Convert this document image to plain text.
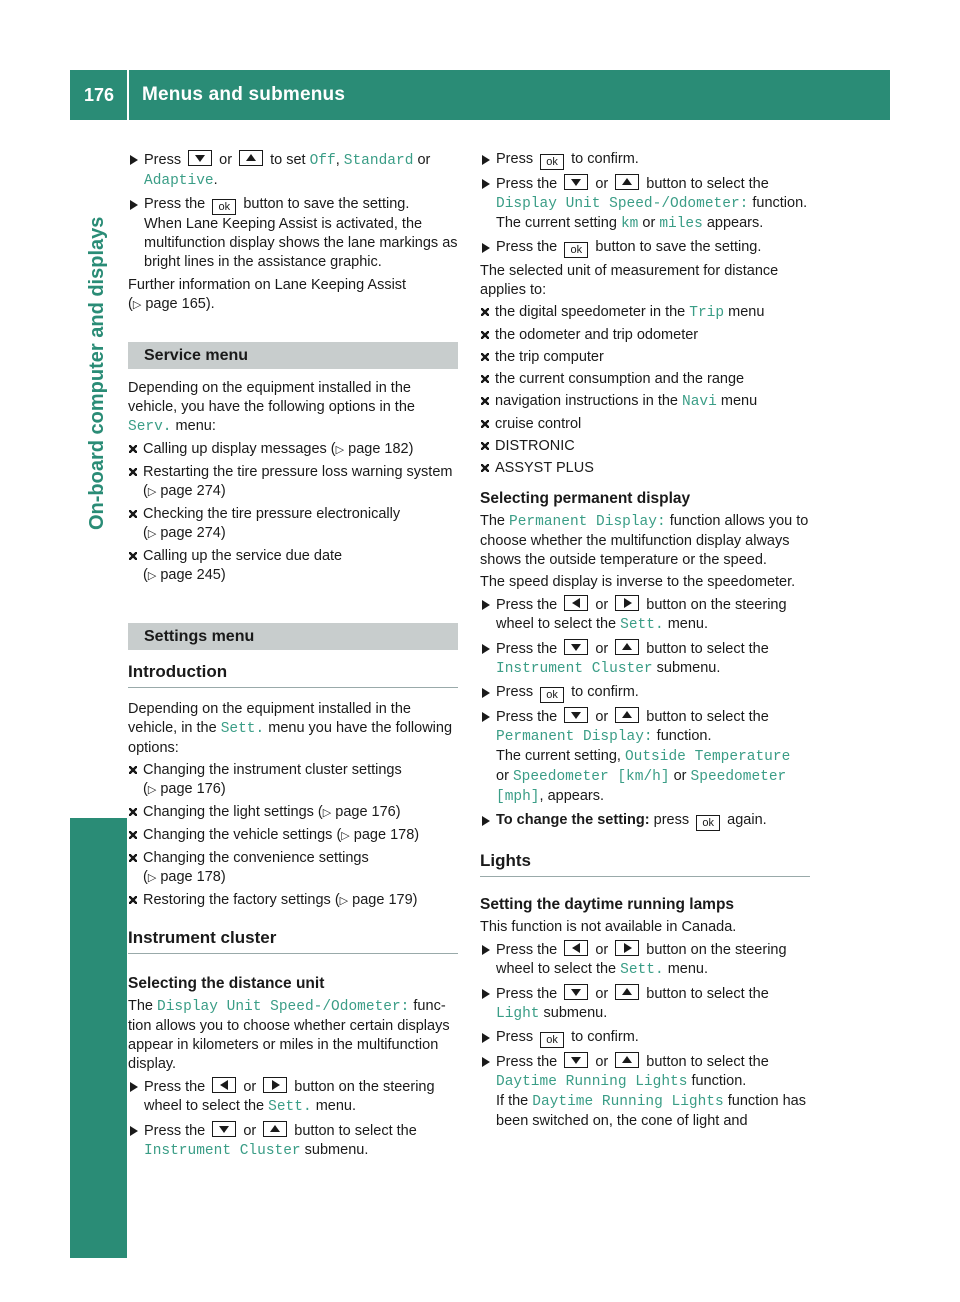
176 Menus and submenus
On-board computer and displays
Press	or	to set Off, Standard or Adaptive.
Press the ok button to save the setting.
When Lane Keeping Assist is activated, the multifunction display shows the lane markings as bright lines in the assistance graphic.

Further information on Lane Keeping Assist
(▷ page 165).

Service menu

Depending on the equipment installed in the vehicle, you have the following options in the
Serv. menu:

Calling up display messages (▷ page 182)
Restarting the tire pressure loss warning system (▷ page 274)
Checking the tire pressure electronically
(▷ page 274)
Calling up the service due date
(▷ page 245)

Settings menu

Introduction

Depending on the equipment installed in the vehicle, in the Sett. menu you have the following options:

Changing the instrument cluster settings
(▷ page 176)
Changing the light settings (▷ page 176)
Changing the vehicle settings (▷ page 178)
Changing the convenience settings
(▷ page 178)
Restoring the factory settings (▷ page 179)

Instrument cluster

Selecting the distance unit

The Display Unit Speed-/Odometer: function allows you to choose whether certain displays appear in kilometers or miles in the multifunction display.

Press the	or	button on the steering wheel to select the Sett. menu.
Press the	or	button to select the
Instrument Cluster submenu.
Press ok to confirm.
Press the	or	button to select the
Display Unit Speed-/Odometer: function.
The current setting km or miles appears.
Press the ok button to save the setting.

The selected unit of measurement for distance applies to:

the digital speedometer in the Trip menu
the odometer and trip odometer
the trip computer
the current consumption and the range
navigation instructions in the Navi menu
cruise control
DISTRONIC
ASSYST PLUS

Selecting permanent display

The Permanent Display: function allows you to choose whether the multifunction display always shows the outside temperature or the speed.

The speed display is inverse to the speedometer.

Press the	or	button on the steering wheel to select the Sett. menu.
Press the	or	button to select the
Instrument Cluster submenu.
Press ok to confirm.
Press the	or	button to select the
Permanent Display: function.
The current setting, Outside Temperature
or Speedometer [km/h] or Speedometer
[mph], appears.
To change the setting: press ok again.

Lights

Setting the daytime running lamps

This function is not available in Canada.

Press the	or	button on the steering wheel to select the Sett. menu.
Press the	or	button to select the
Light submenu.
Press ok to confirm.
Press the	or	button to select the
Daytime Running Lights function.
If the Daytime Running Lights function has been switched on, the cone of light and
